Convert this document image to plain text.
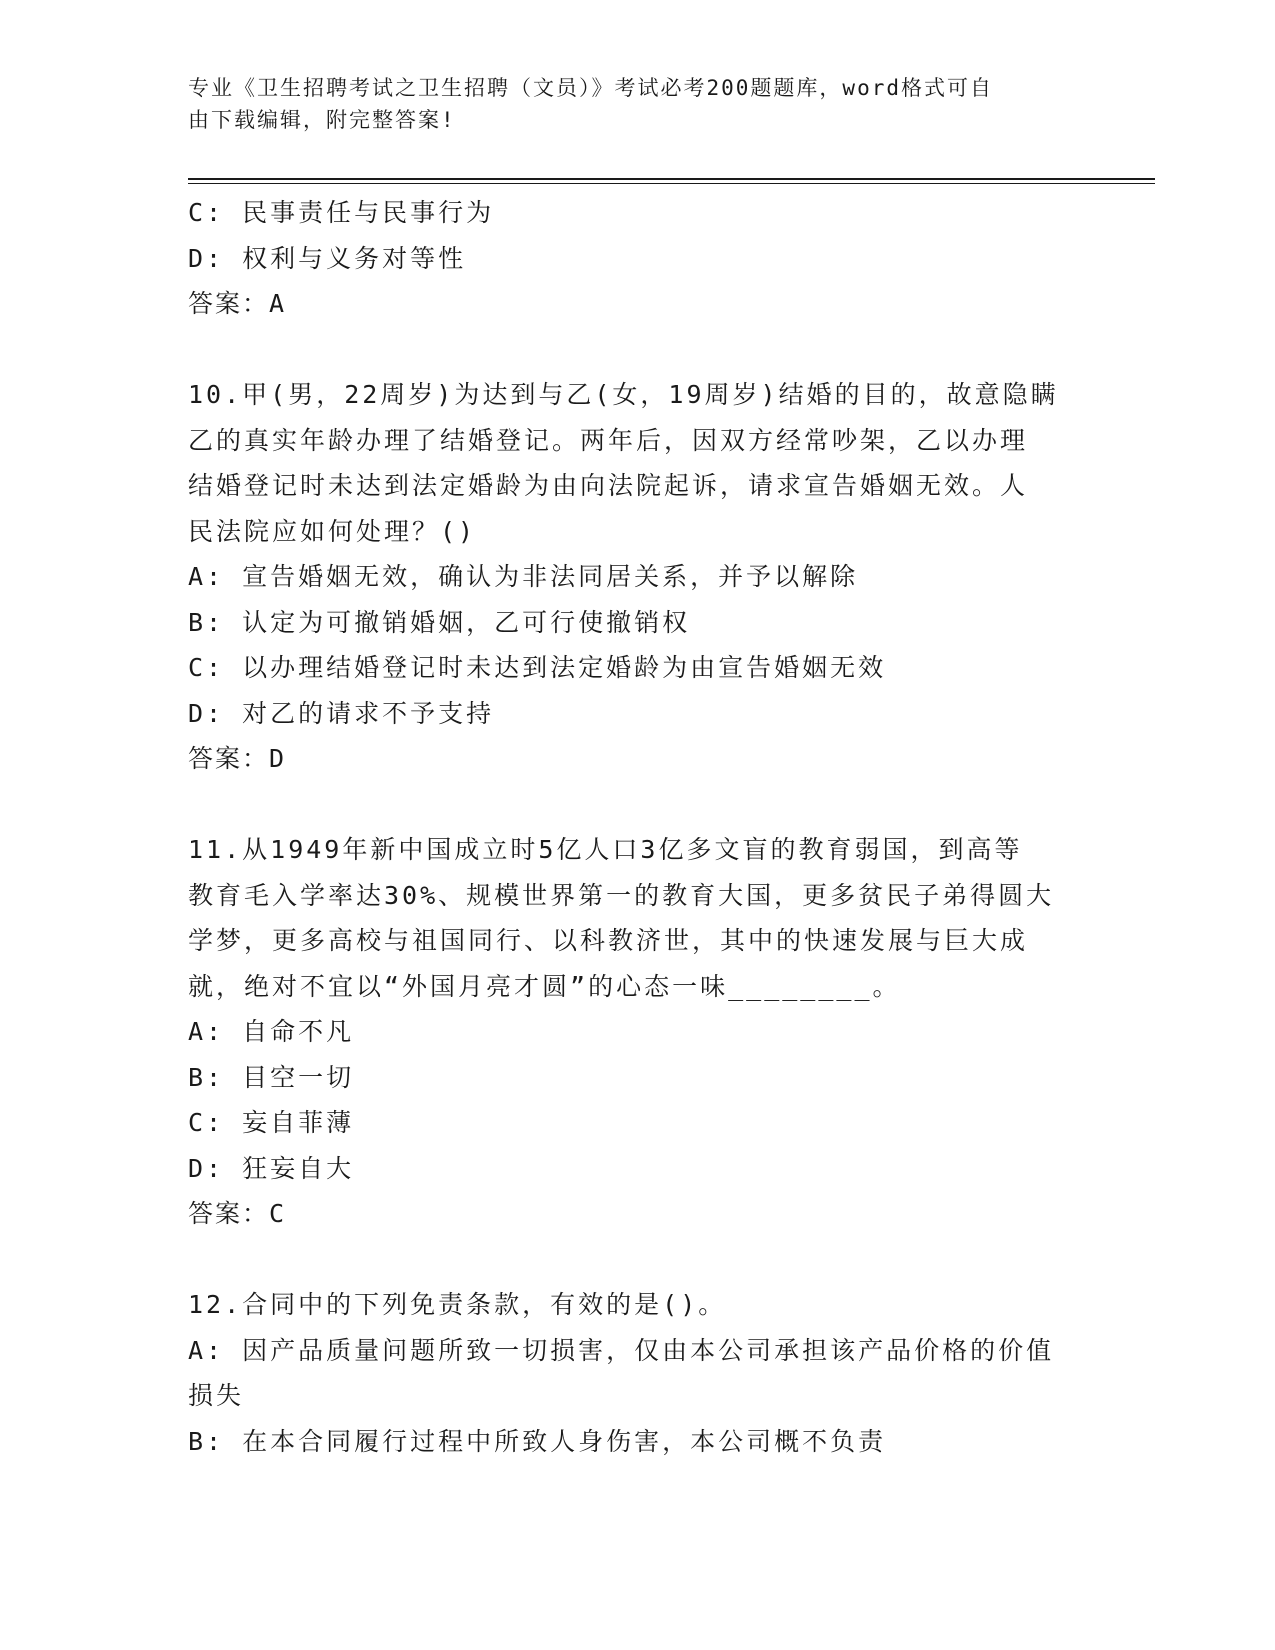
专业《卫生招聘考试之卫生招聘（文员）》考试必考200题题库，word格式可自
由下载编辑，附完整答案!
C: 民事责任与民事行为
D: 权利与义务对等性
答案：A
10.甲(男，22周岁)为达到与乙(女，19周岁)结婚的目的，故意隐瞒
乙的真实年龄办理了结婚登记。两年后，因双方经常吵架，乙以办理
结婚登记时未达到法定婚龄为由向法院起诉，请求宣告婚姻无效。人
民法院应如何处理？()
A: 宣告婚姻无效，确认为非法同居关系，并予以解除
B: 认定为可撤销婚姻，乙可行使撤销权
C: 以办理结婚登记时未达到法定婚龄为由宣告婚姻无效
D: 对乙的请求不予支持
答案：D
11.从1949年新中国成立时5亿人口3亿多文盲的教育弱国，到高等
教育毛入学率达30%、规模世界第一的教育大国，更多贫民子弟得圆大
学梦，更多高校与祖国同行、以科教济世，其中的快速发展与巨大成
就，绝对不宜以“外国月亮才圆”的心态一味________。
A: 自命不凡
B: 目空一切
C: 妄自菲薄
D: 狂妄自大
答案：C
12.合同中的下列免责条款，有效的是()。
A: 因产品质量问题所致一切损害，仅由本公司承担该产品价格的价值
损失
B: 在本合同履行过程中所致人身伤害，本公司概不负责
